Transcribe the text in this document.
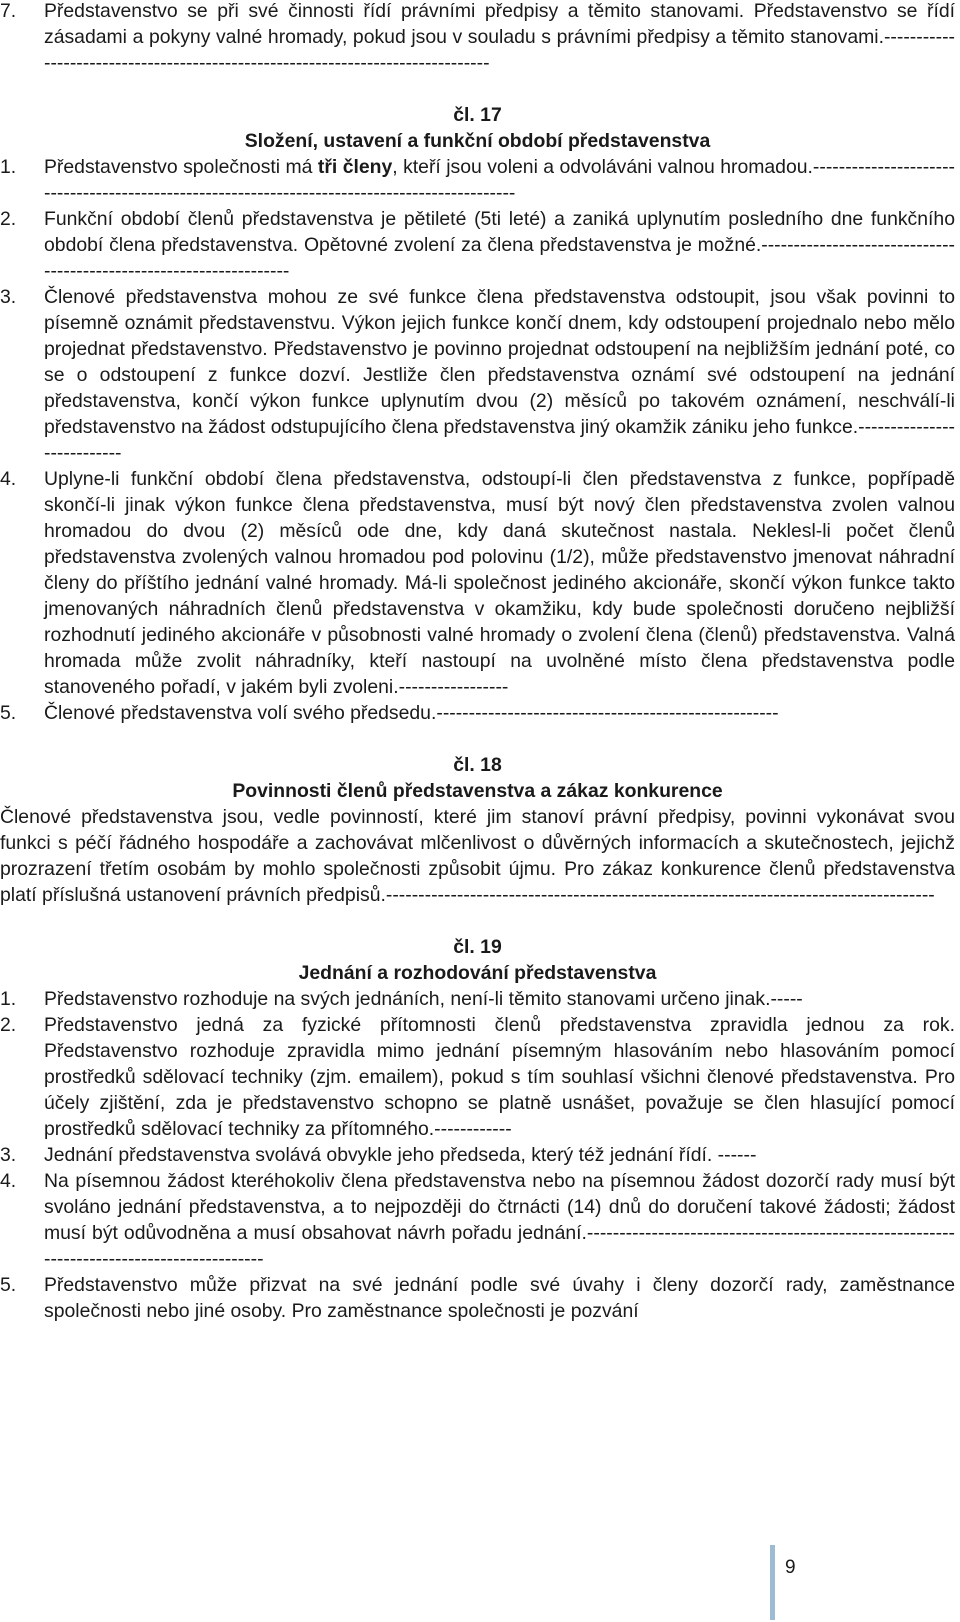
7.	Představenstvo se při své činnosti řídí právními předpisy a těmito stanovami. Představenstvo se řídí zásadami a pokyny valné hromady, pokud jsou v souladu s právními předpisy a těmito stanovami.--------------------------------------------------------------------------------
čl. 17
Složení, ustavení a funkční období představenstva
1.	Představenstvo společnosti má tři členy, kteří jsou voleni a odvoláváni valnou hromadou.-----------------------------------------------------------------------------------------------
2.	Funkční období členů představenstva je pětileté (5ti leté) a zaniká uplynutím posledního dne funkčního období člena představenstva. Opětovné zvolení za člena představenstva je možné.--------------------------------------------------------------------
3.	Členové představenstva mohou ze své funkce člena představenstva odstoupit, jsou však povinni to písemně oznámit představenstvu. Výkon jejich funkce končí dnem, kdy odstoupení projednalo nebo mělo projednat představenstvo. Představenstvo je povinno projednat odstoupení na nejbližším jednání poté, co se o odstoupení z funkce dozví. Jestliže člen představenstva oznámí své odstoupení na jednání představenstva, končí výkon funkce uplynutím dvou (2) měsíců po takovém oznámení, neschválí-li představenstvo na žádost odstupujícího člena představenstva jiný okamžik zániku jeho funkce.---------------------------
4.	Uplyne-li funkční období člena představenstva, odstoupí-li člen představenstva z funkce, popřípadě skončí-li jinak výkon funkce člena představenstva, musí být nový člen představenstva zvolen valnou hromadou do dvou (2) měsíců ode dne, kdy daná skutečnost nastala. Neklesl-li počet členů představenstva zvolených valnou hromadou pod polovinu (1/2), může představenstvo jmenovat náhradní členy do příštího jednání valné hromady. Má-li společnost jediného akcionáře, skončí výkon funkce takto jmenovaných náhradních členů představenstva v okamžiku, kdy bude společnosti doručeno nejbližší rozhodnutí jediného akcionáře v působnosti valné hromady o zvolení člena (členů) představenstva. Valná hromada může zvolit náhradníky, kteří nastoupí na uvolněné místo člena představenstva podle stanoveného pořadí, v jakém byli zvoleni.-----------------
5.	Členové představenstva volí svého předsedu.-----------------------------------------------------
čl. 18
Povinnosti členů představenstva a zákaz konkurence
Členové představenstva jsou, vedle povinností, které jim stanoví právní předpisy, povinni vykonávat svou funkci s péčí řádného hospodáře a zachovávat mlčenlivost o důvěrných informacích a skutečnostech, jejichž prozrazení třetím osobám by mohlo společnosti způsobit újmu. Pro zákaz konkurence členů představenstva platí příslušná ustanovení právních předpisů.-------------------------------------------------------------------------------------
čl. 19
Jednání a rozhodování představenstva
1.	Představenstvo rozhoduje na svých jednáních, není-li těmito stanovami určeno jinak.-----
2.	Představenstvo jedná za fyzické přítomnosti členů představenstva zpravidla jednou za rok. Představenstvo rozhoduje zpravidla mimo jednání písemným hlasováním nebo hlasováním pomocí prostředků sdělovací techniky (zjm. emailem), pokud s tím souhlasí všichni členové představenstva. Pro účely zjištění, zda je představenstvo schopno se platně usnášet, považuje se člen hlasující pomocí prostředků sdělovací techniky za přítomného.------------
3.	Jednání představenstva svolává obvykle jeho předseda, který též jednání řídí. ------
4.	Na písemnou žádost kteréhokoliv člena představenstva nebo na písemnou žádost dozorčí rady musí být svoláno jednání představenstva, a to nejpozději do čtrnácti (14) dnů do doručení takové žádosti; žádost musí být odůvodněna a musí obsahovat návrh pořadu jednání.-------------------------------------------------------------------------------------------
5.	Představenstvo může přizvat na své jednání podle své úvahy i členy dozorčí rady, zaměstnance společnosti nebo jiné osoby. Pro zaměstnance společnosti je pozvání
9
